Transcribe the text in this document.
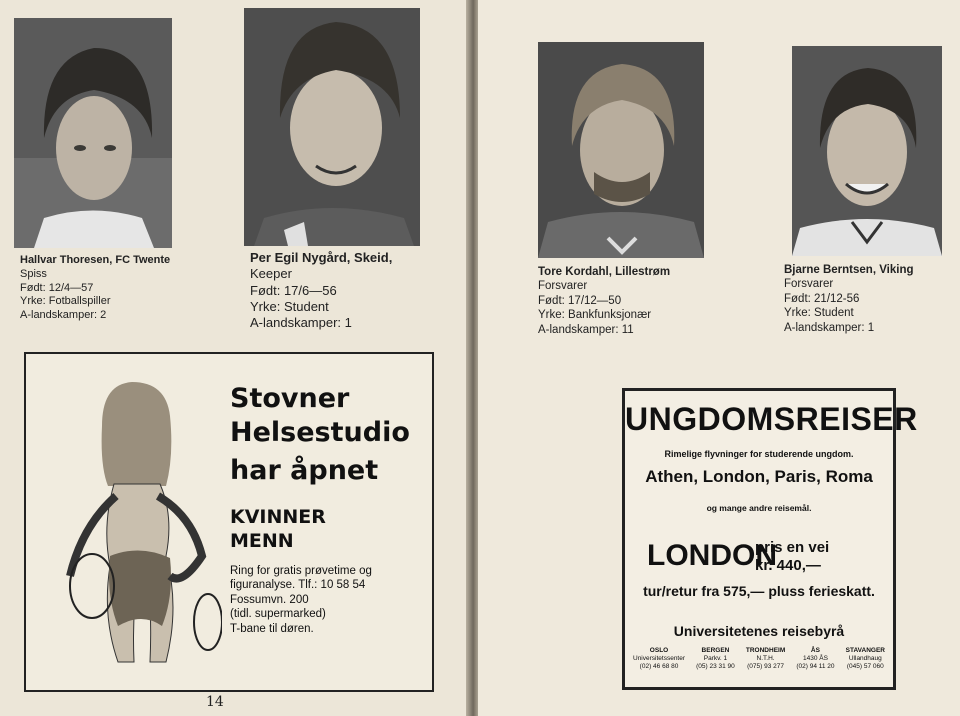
Hallvar Thoresen, FC Twente
Spiss
Født: 12/4—57
Yrke: Fotballspiller
A-landskamper: 2
Per Egil Nygård, Skeid,
Keeper
Født: 17/6—56
Yrke: Student
A-landskamper: 1
Stovner
Helsestudio
har åpnet
KVINNER
MENN
Ring for gratis prøvetime og
figuranalyse. Tlf.: 10 58 54
Fossumvn. 200
(tidl. supermarked)
T-bane til døren.
14
Tore Kordahl, Lillestrøm
Forsvarer
Født: 17/12—50
Yrke: Bankfunksjonær
A-landskamper: 11
Bjarne Berntsen, Viking
Forsvarer
Født: 21/12-56
Yrke: Student
A-landskamper: 1
UNGDOMSREISER
Rimelige flyvninger for studerende ungdom.
Athen, London, Paris, Roma
og mange andre reisemål.
LONDON
pris en vei
kr. 440,—
tur/retur fra 575,— pluss ferieskatt.
Universitetenes reisebyrå
OSLO
Universitetssenter
(02) 46 68 80
BERGEN
Parkv. 1
(05) 23 31 90
TRONDHEIM
N.T.H.
(075) 93 277
ÅS
1430 ÅS
(02) 94 11 20
STAVANGER
Ullandhaug
(045) 57 060
